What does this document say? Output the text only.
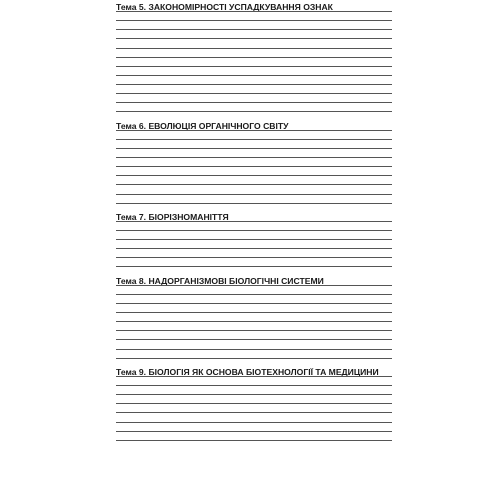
Тема 5. ЗАКОНОМІРНОСТІ УСПАДКУВАННЯ ОЗНАК
Тема 6. ЕВОЛЮЦІЯ ОРГАНІЧНОГО СВІТУ
Тема 7. БІОРІЗНОМАНІТТЯ
Тема 8. НАДОРГАНІЗМОВІ БІОЛОГІЧНІ СИСТЕМИ
Тема 9. БІОЛОГІЯ ЯК ОСНОВА БІОТЕХНОЛОГІЇ ТА МЕДИЦИНИ
